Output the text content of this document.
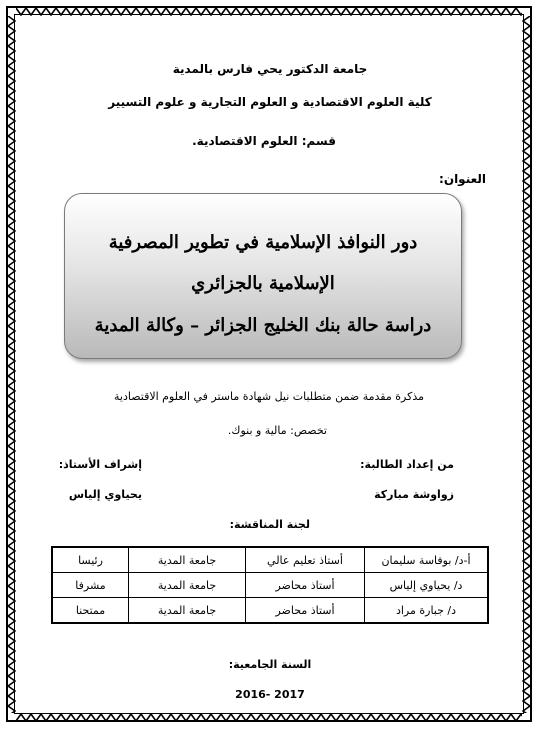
جامعة الدكتور يحي فارس بالمدية
كلية العلوم الاقتصادية و العلوم التجارية و علوم التسيير
قسم: العلوم الاقتصادية.
العنوان:
دور النوافذ الإسلامية في تطوير المصرفية
الإسلامية بالجزائري
دراسة حالة بنك الخليج الجزائر – وكالة المدية
مذكرة مقدمة ضمن متطلبات نيل شهادة ماستر في العلوم الاقتصادية
تخصص: مالية و بنوك.
من إعداد الطالبة:
إشراف الأستاذ:
زواوشة مباركة
يحياوي إلياس
لجنة المناقشة:
أ-د/ بوفاسة سليمان	أستاذ تعليم عالي	جامعة المدية	رئيسا
د/ يحياوي إلياس	أستاذ محاضر	جامعة المدية	مشرفا
د/ جبارة مراد	أستاذ محاضر	جامعة المدية	ممتحنا
السنة الجامعية:
2016- 2017
